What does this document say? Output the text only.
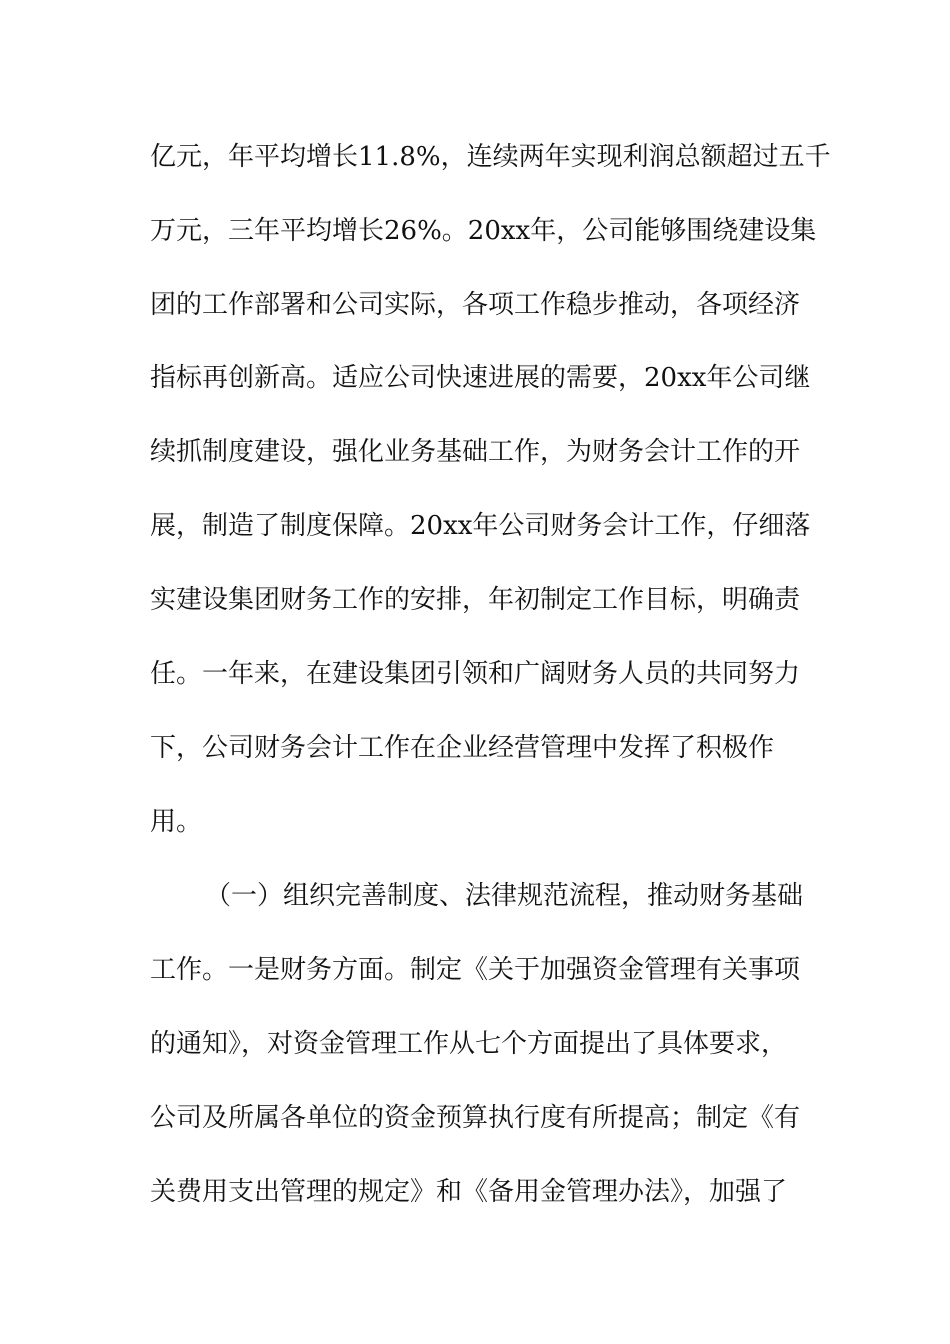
亿元，年平均增长11.8%，连续两年实现利润总额超过五千
万元，三年平均增长26%。20xx年，公司能够围绕建设集
团的工作部署和公司实际，各项工作稳步推动，各项经济
指标再创新高。适应公司快速进展的需要，20xx年公司继
续抓制度建设，强化业务基础工作，为财务会计工作的开
展，制造了制度保障。20xx年公司财务会计工作，仔细落
实建设集团财务工作的安排，年初制定工作目标，明确责
任。一年来，在建设集团引领和广阔财务人员的共同努力
下，公司财务会计工作在企业经营管理中发挥了积极作
用。
（一）组织完善制度、法律规范流程，推动财务基础
工作。一是财务方面。制定《关于加强资金管理有关事项
的通知》，对资金管理工作从七个方面提出了具体要求，
公司及所属各单位的资金预算执行度有所提高；制定《有
关费用支出管理的规定》和《备用金管理办法》，加强了
